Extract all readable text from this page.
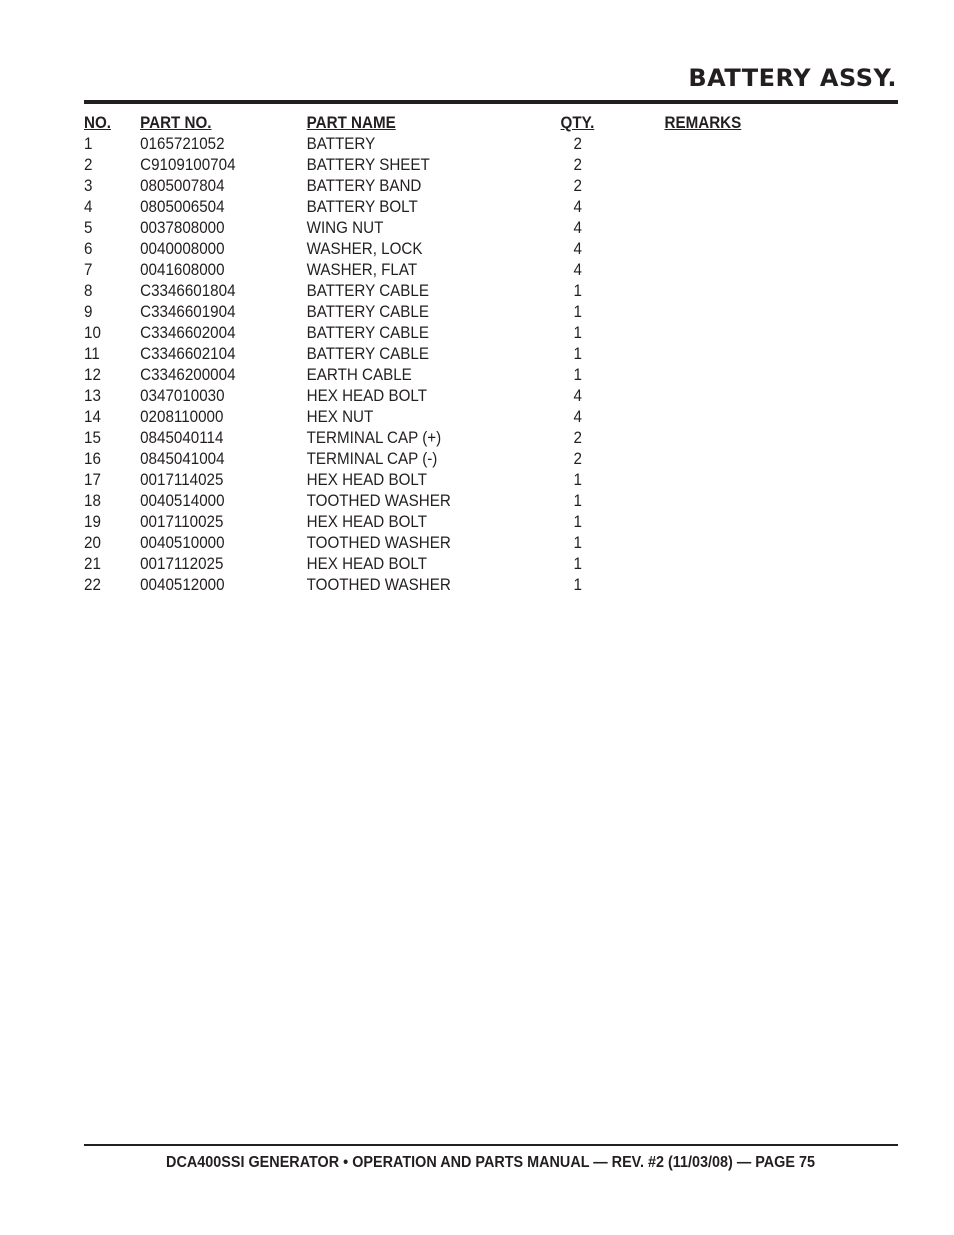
BATTERY ASSY.
NO.	PART NO.	PART NAME	QTY.	REMARKS
1	0165721052	BATTERY	2	
2	C9109100704	BATTERY SHEET	2	
3	0805007804	BATTERY BAND	2	
4	0805006504	BATTERY BOLT	4	
5	0037808000	WING NUT	4	
6	0040008000	WASHER, LOCK	4	
7	0041608000	WASHER, FLAT	4	
8	C3346601804	BATTERY CABLE	1	
9	C3346601904	BATTERY CABLE	1	
10	C3346602004	BATTERY CABLE	1	
11	C3346602104	BATTERY CABLE	1	
12	C3346200004	EARTH CABLE	1	
13	0347010030	HEX HEAD BOLT	4	
14	0208110000	HEX NUT	4	
15	0845040114	TERMINAL CAP (+)	2	
16	0845041004	TERMINAL CAP (-)	2	
17	0017114025	HEX HEAD BOLT	1	
18	0040514000	TOOTHED WASHER	1	
19	0017110025	HEX HEAD BOLT	1	
20	0040510000	TOOTHED WASHER	1	
21	0017112025	HEX HEAD BOLT	1	
22	0040512000	TOOTHED WASHER	1	
DCA400SSI GENERATOR • OPERATION AND PARTS MANUAL — REV. #2 (11/03/08) — PAGE 75
